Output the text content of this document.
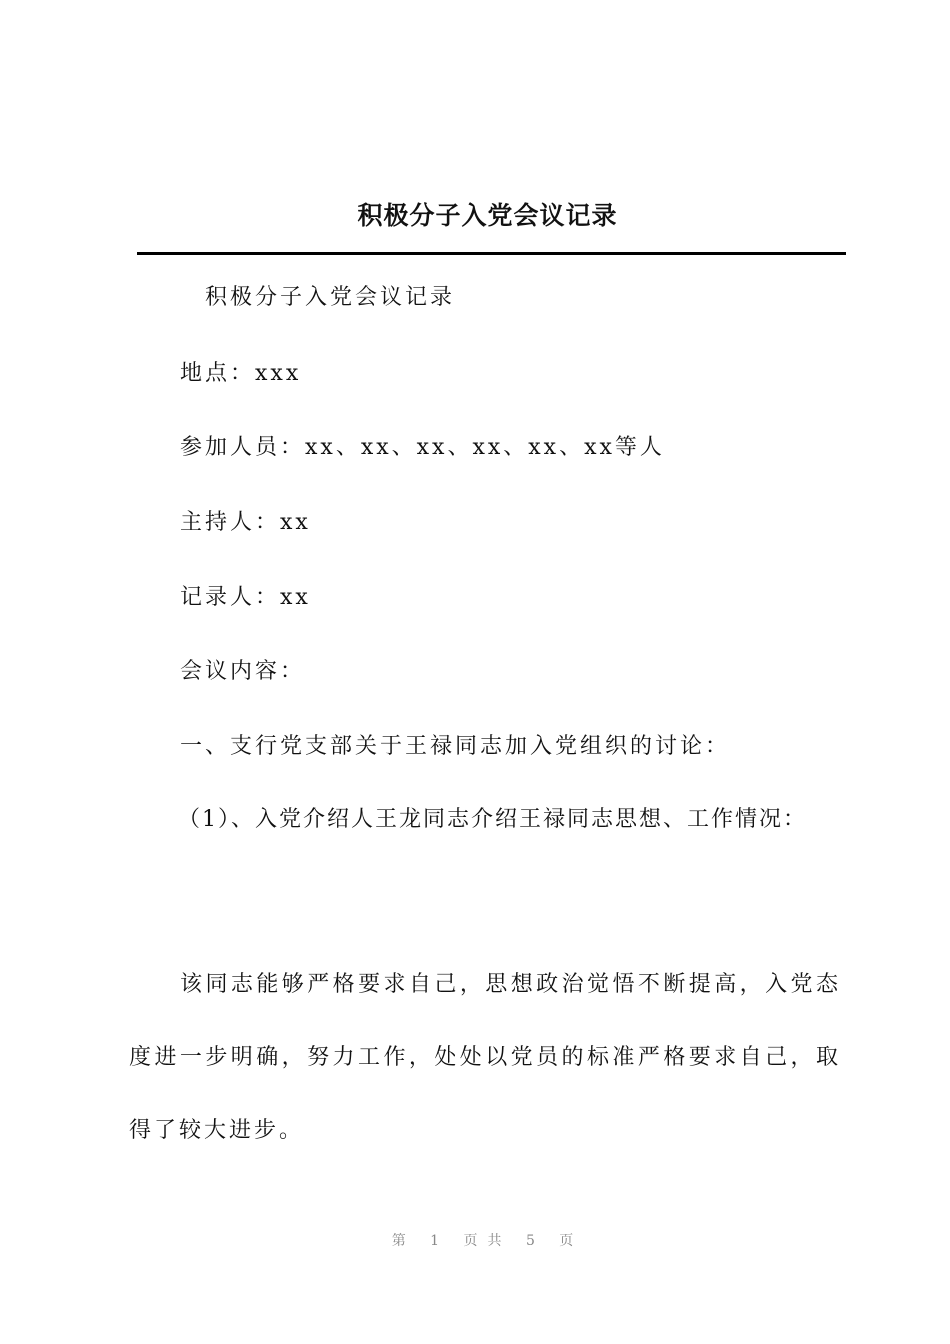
积极分子入党会议记录
积极分子入党会议记录
地点：xxx
参加人员：xx、xx、xx、xx、xx、xx等人
主持人：xx
记录人：xx
会议内容：
一、支行党支部关于王禄同志加入党组织的讨论：
（1）、入党介绍人王龙同志介绍王禄同志思想、工作情况：
该同志能够严格要求自己，思想政治觉悟不断提高，入党态度进一步明确，努力工作，处处以党员的标准严格要求自己，取得了较大进步。
第 1 页共 5 页
